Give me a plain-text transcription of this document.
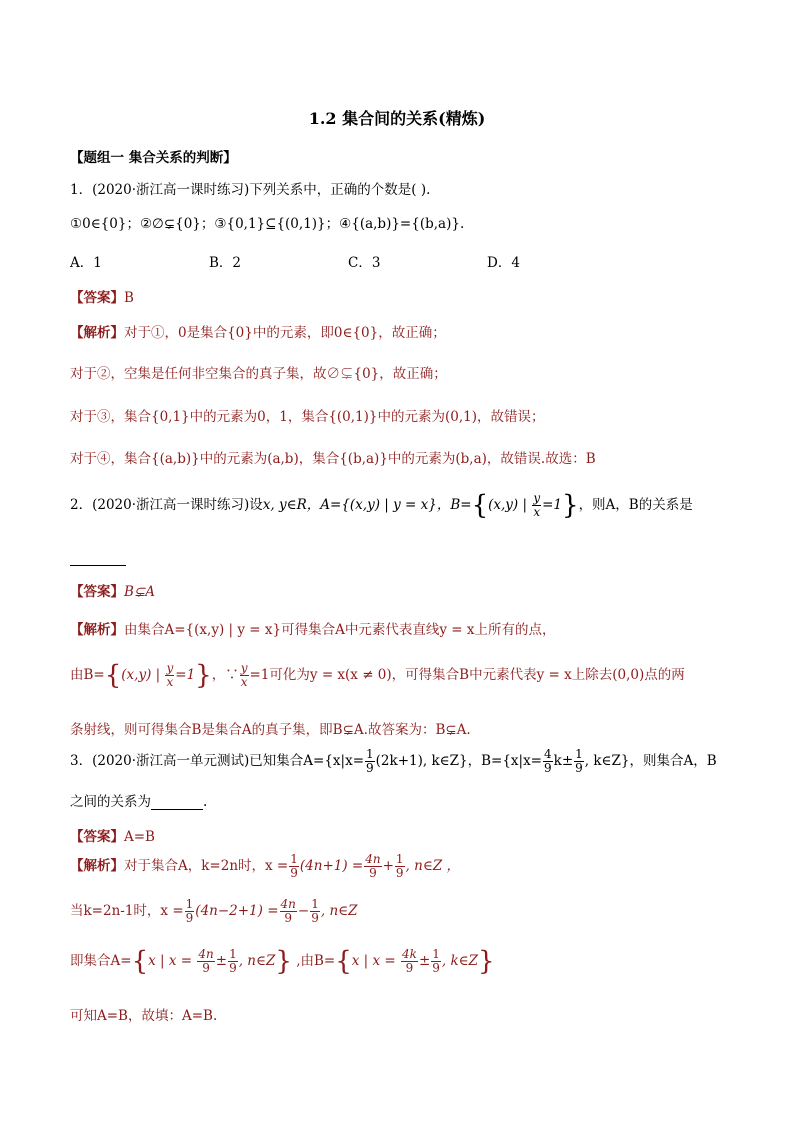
1.2 集合间的关系(精炼)
【题组一 集合关系的判断】
1．(2020·浙江高一课时练习)下列关系中，正确的个数是( ).
①0∈{0}；②∅⊊{0}；③{0,1}⊆{(0,1)}；④{(a,b)}={(b,a)}.
A．1	B．2	C．3	D．4
【答案】B
【解析】对于①，0是集合{0}中的元素，即0∈{0}，故正确；
对于②，空集是任何非空集合的真子集，故∅⊊{0}，故正确；
对于③，集合{0,1}中的元素为0，1，集合{(0,1)}中的元素为(0,1)，故错误；
对于④，集合{(a,b)}中的元素为(a,b)，集合{(b,a)}中的元素为(b,a)，故错误.故选：B
2．(2020·浙江高一课时练习)设x, y∈R，A={(x,y) | y = x}，B={(x,y) | $\frac{y}{x} =1$}，则A，B的关系是
【答案】B⊊A
【解析】由集合A={(x,y) | y = x}可得集合A中元素代表直线y = x上所有的点，
由B={(x,y) | $\frac{y}{x} =1$}，∵ $\frac{y}{x} =1$可化为y = x(x ≠ 0)，可得集合B中元素代表y = x上除去(0,0)点的两
条射线，则可得集合B是集合A的真子集，即B⊊A.故答案为：B⊊A.
3．(2020·浙江高一单元测试)已知集合$A=\{x|x= \frac{1}{9} (2k+1)$, k∈Z}，$B=\{x|x= \frac{4}{9} k\pm \frac{1}{9}$ , k∈Z}，则集合A，B
之间的关系为	.
【答案】A=B
【解析】对于集合A，k=2n时，$x = \frac{1}{9} (4n+1) = \frac{4n}{9} + \frac{1}{9}$ , n∈Z ，
当k=2n-1时，$x = \frac{1}{9} (4n-2+1) = \frac{4n}{9} - \frac{1}{9}$ , n∈Z
即集合A={x | $x = \frac{4n}{9} \pm \frac{1}{9}$ , n∈Z} ,由B={x | $x = \frac{4k}{9} \pm \frac{1}{9}$ , k∈Z}
可知A=B，故填：A=B.
